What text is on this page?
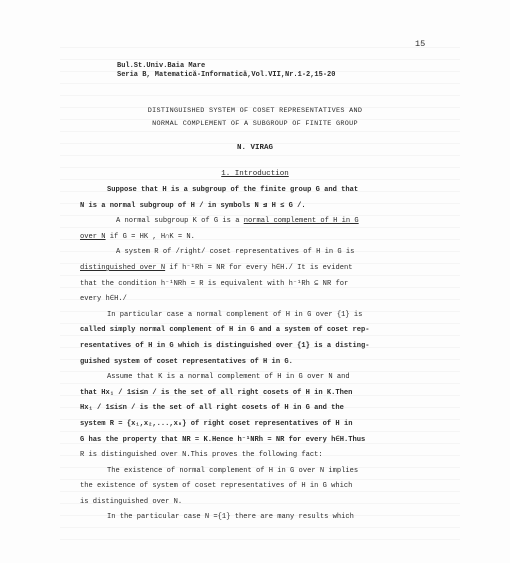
15
Bul.St.Univ.Baia Mare
Seria B, Matematică-Informatică,Vol.VII,Nr.1-2,15-20
DISTINGUISHED SYSTEM OF COSET REPRESENTATIVES AND
NORMAL COMPLEMENT OF A SUBGROUP OF FINITE GROUP
N. VIRAG
1. Introduction
Suppose that H is a subgroup of the finite group G and that
N is a normal subgroup of H / in symbols N ⊴ H ≤ G /.
A normal subgroup K of G is a normal complement of H in G
over N if G = HK , H∩K = N.
A system R of /right/ coset representatives of H in G is
distinguished over N if h⁻¹Rh = NR for every h∈H./ It is evident
that the condition h⁻¹NRh = R is equivalent with h⁻¹Rh ⊆ NR for
every h∈H./
In particular case a normal complement of H in G over {1} is
called simply normal complement of H in G and a system of coset rep-
resentatives of H in G which is distinguished over {1} is a disting-
guished system of coset representatives of H in G.
Assume that K is a normal complement of H in G over N and
that Hx₁ / 1≤i≤n / is the set of all right cosets of H in K.Then
Hx₁ / 1≤i≤n / is the set of all right cosets of H in G and the
system R = {x₁,x₂,...,xₙ} of right coset representatives of H in
G has the property that NR = K.Hence h⁻¹NRh = NR for every h∈H.Thus
R is distinguished over N.This proves the following fact:
The existence of normal complement of H in G over N implies
the existence of system of coset representatives of H in G which
is distinguished over N.
In the particular case N ={1} there are many results which
